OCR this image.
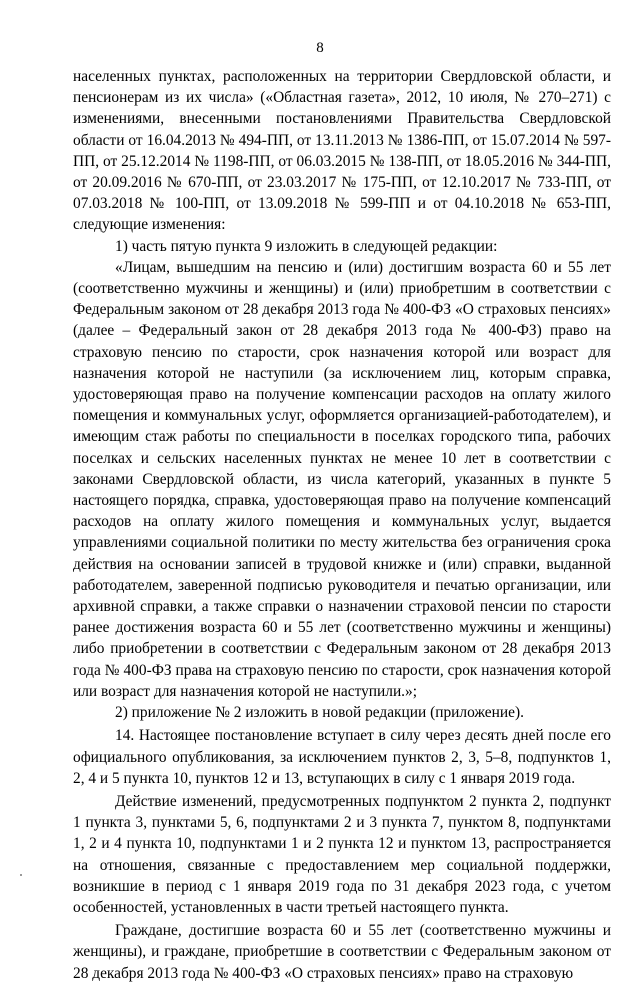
8

населенных пунктах, расположенных на территории Свердловской области, и пенсионерам из их числа» («Областная газета», 2012, 10 июля, № 270–271) с изменениями, внесенными постановлениями Правительства Свердловской области от 16.04.2013 № 494-ПП, от 13.11.2013 № 1386-ПП, от 15.07.2014 № 597-ПП, от 25.12.2014 № 1198-ПП, от 06.03.2015 № 138-ПП, от 18.05.2016 № 344-ПП, от 20.09.2016 № 670-ПП, от 23.03.2017 № 175-ПП, от 12.10.2017 № 733-ПП, от 07.03.2018 № 100-ПП, от 13.09.2018 № 599-ПП и от 04.10.2018 № 653-ПП, следующие изменения:

1) часть пятую пункта 9 изложить в следующей редакции:

«Лицам, вышедшим на пенсию и (или) достигшим возраста 60 и 55 лет (соответственно мужчины и женщины) и (или) приобретшим в соответствии с Федеральным законом от 28 декабря 2013 года № 400-ФЗ «О страховых пенсиях» (далее – Федеральный закон от 28 декабря 2013 года № 400-ФЗ) право на страховую пенсию по старости, срок назначения которой или возраст для назначения которой не наступили (за исключением лиц, которым справка, удостоверяющая право на получение компенсации расходов на оплату жилого помещения и коммунальных услуг, оформляется организацией-работодателем), и имеющим стаж работы по специальности в поселках городского типа, рабочих поселках и сельских населенных пунктах не менее 10 лет в соответствии с законами Свердловской области, из числа категорий, указанных в пункте 5 настоящего порядка, справка, удостоверяющая право на получение компенсаций расходов на оплату жилого помещения и коммунальных услуг, выдается управлениями социальной политики по месту жительства без ограничения срока действия на основании записей в трудовой книжке и (или) справки, выданной работодателем, заверенной подписью руководителя и печатью организации, или архивной справки, а также справки о назначении страховой пенсии по старости ранее достижения возраста 60 и 55 лет (соответственно мужчины и женщины) либо приобретении в соответствии с Федеральным законом от 28 декабря 2013 года № 400-ФЗ права на страховую пенсию по старости, срок назначения которой или возраст для назначения которой не наступили.»;

2) приложение № 2 изложить в новой редакции (приложение).

14. Настоящее постановление вступает в силу через десять дней после его официального опубликования, за исключением пунктов 2, 3, 5–8, подпунктов 1, 2, 4 и 5 пункта 10, пунктов 12 и 13, вступающих в силу с 1 января 2019 года.

Действие изменений, предусмотренных подпунктом 2 пункта 2, подпункт 1 пункта 3, пунктами 5, 6, подпунктами 2 и 3 пункта 7, пунктом 8, подпунктами 1, 2 и 4 пункта 10, подпунктами 1 и 2 пункта 12 и пунктом 13, распространяется на отношения, связанные с предоставлением мер социальной поддержки, возникшие в период с 1 января 2019 года по 31 декабря 2023 года, с учетом особенностей, установленных в части третьей настоящего пункта.

Граждане, достигшие возраста 60 и 55 лет (соответственно мужчины и женщины), и граждане, приобретшие в соответствии с Федеральным законом от 28 декабря 2013 года № 400-ФЗ «О страховых пенсиях» право на страховую
